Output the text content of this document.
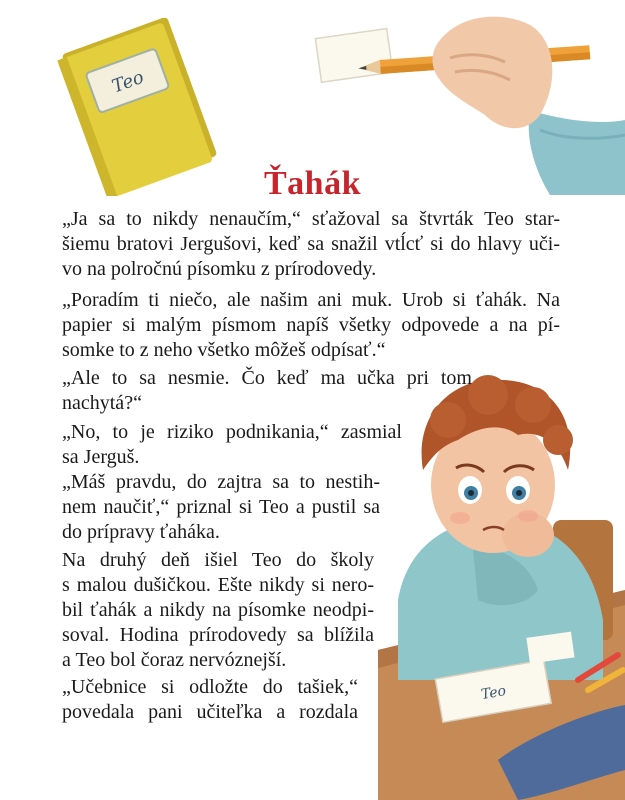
Teo
Teo
Ťahák
„Ja sa to nikdy nenaučím,“ sťažoval sa štvrták Teo star-
šiemu bratovi Jergušovi, keď sa snažil vtĺcť si do hlavy uči-
vo na polročnú písomku z prírodovedy.
„Poradím ti niečo, ale našim ani muk. Urob si ťahák. Na
papier si malým písmom napíš všetky odpovede a na pí-
somke to z neho všetko môžeš odpísať.“
„Ale to sa nesmie. Čo keď ma učka pri tom
nachytá?“
„No, to je riziko podnikania,“ zasmial
sa Jerguš.
„Máš pravdu, do zajtra sa to nestih-
nem naučiť,“ priznal si Teo a pustil sa
do prípravy ťaháka.
Na druhý deň išiel Teo do školy
s malou dušičkou. Ešte nikdy si nero-
bil ťahák a nikdy na písomke neodpi-
soval. Hodina prírodovedy sa blížila
a Teo bol čoraz nervóznejší.
„Učebnice si odložte do tašiek,“
povedala pani učiteľka a rozdala
